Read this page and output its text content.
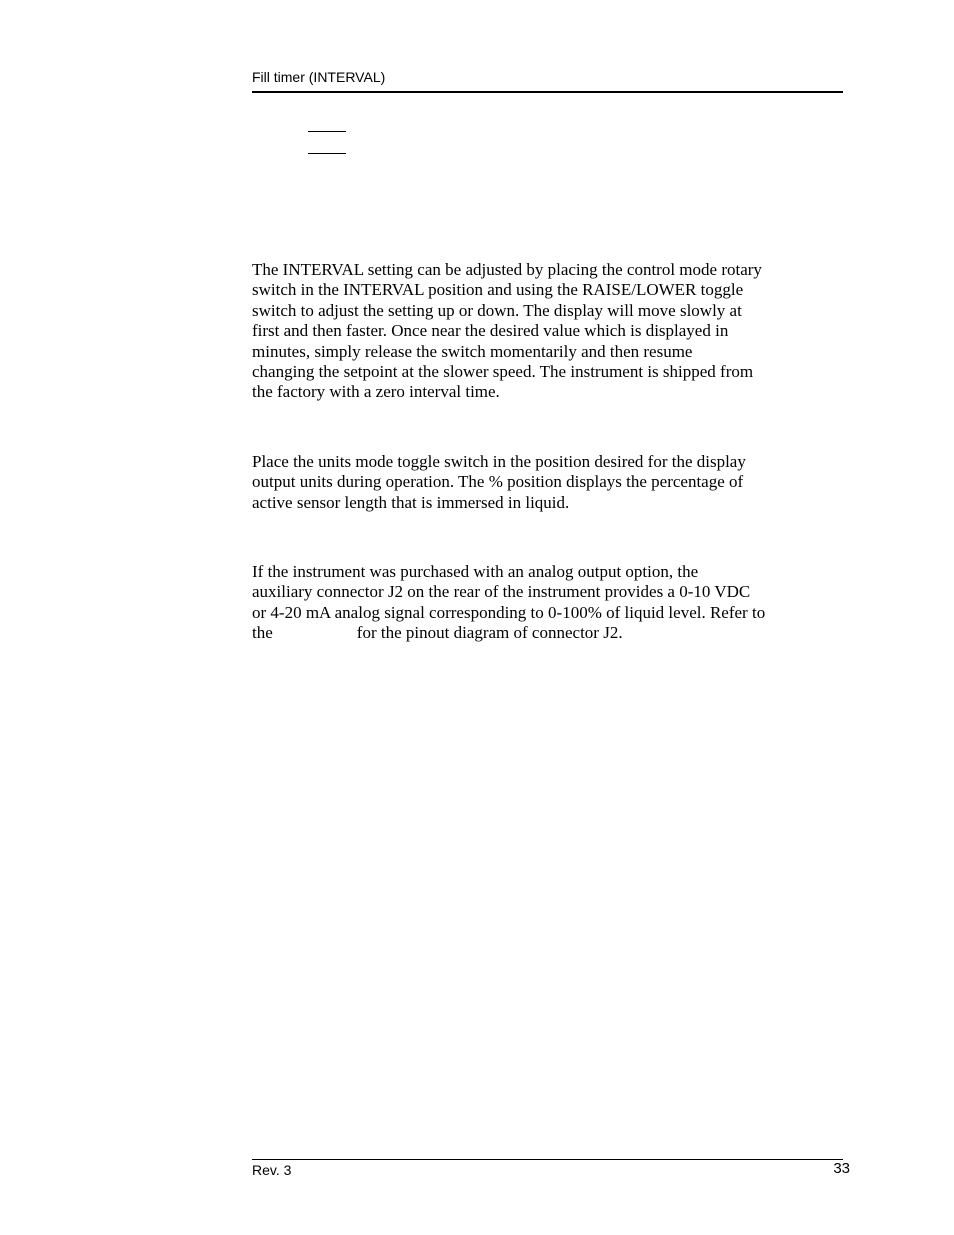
Fill timer (INTERVAL)

The INTERVAL setting can be adjusted by placing the control mode rotary
switch in the INTERVAL position and using the RAISE/LOWER toggle
switch to adjust the setting up or down. The display will move slowly at
first and then faster. Once near the desired value which is displayed in
minutes, simply release the switch momentarily and then resume
changing the setpoint at the slower speed. The instrument is shipped from
the factory with a zero interval time.

Place the units mode toggle switch in the position desired for the display
output units during operation. The % position displays the percentage of
active sensor length that is immersed in liquid.

If the instrument was purchased with an analog output option, the
auxiliary connector J2 on the rear of the instrument provides a 0-10 VDC
or 4-20 mA analog signal corresponding to 0-100% of liquid level. Refer to
the	for the pinout diagram of connector J2.

Rev. 3	33
